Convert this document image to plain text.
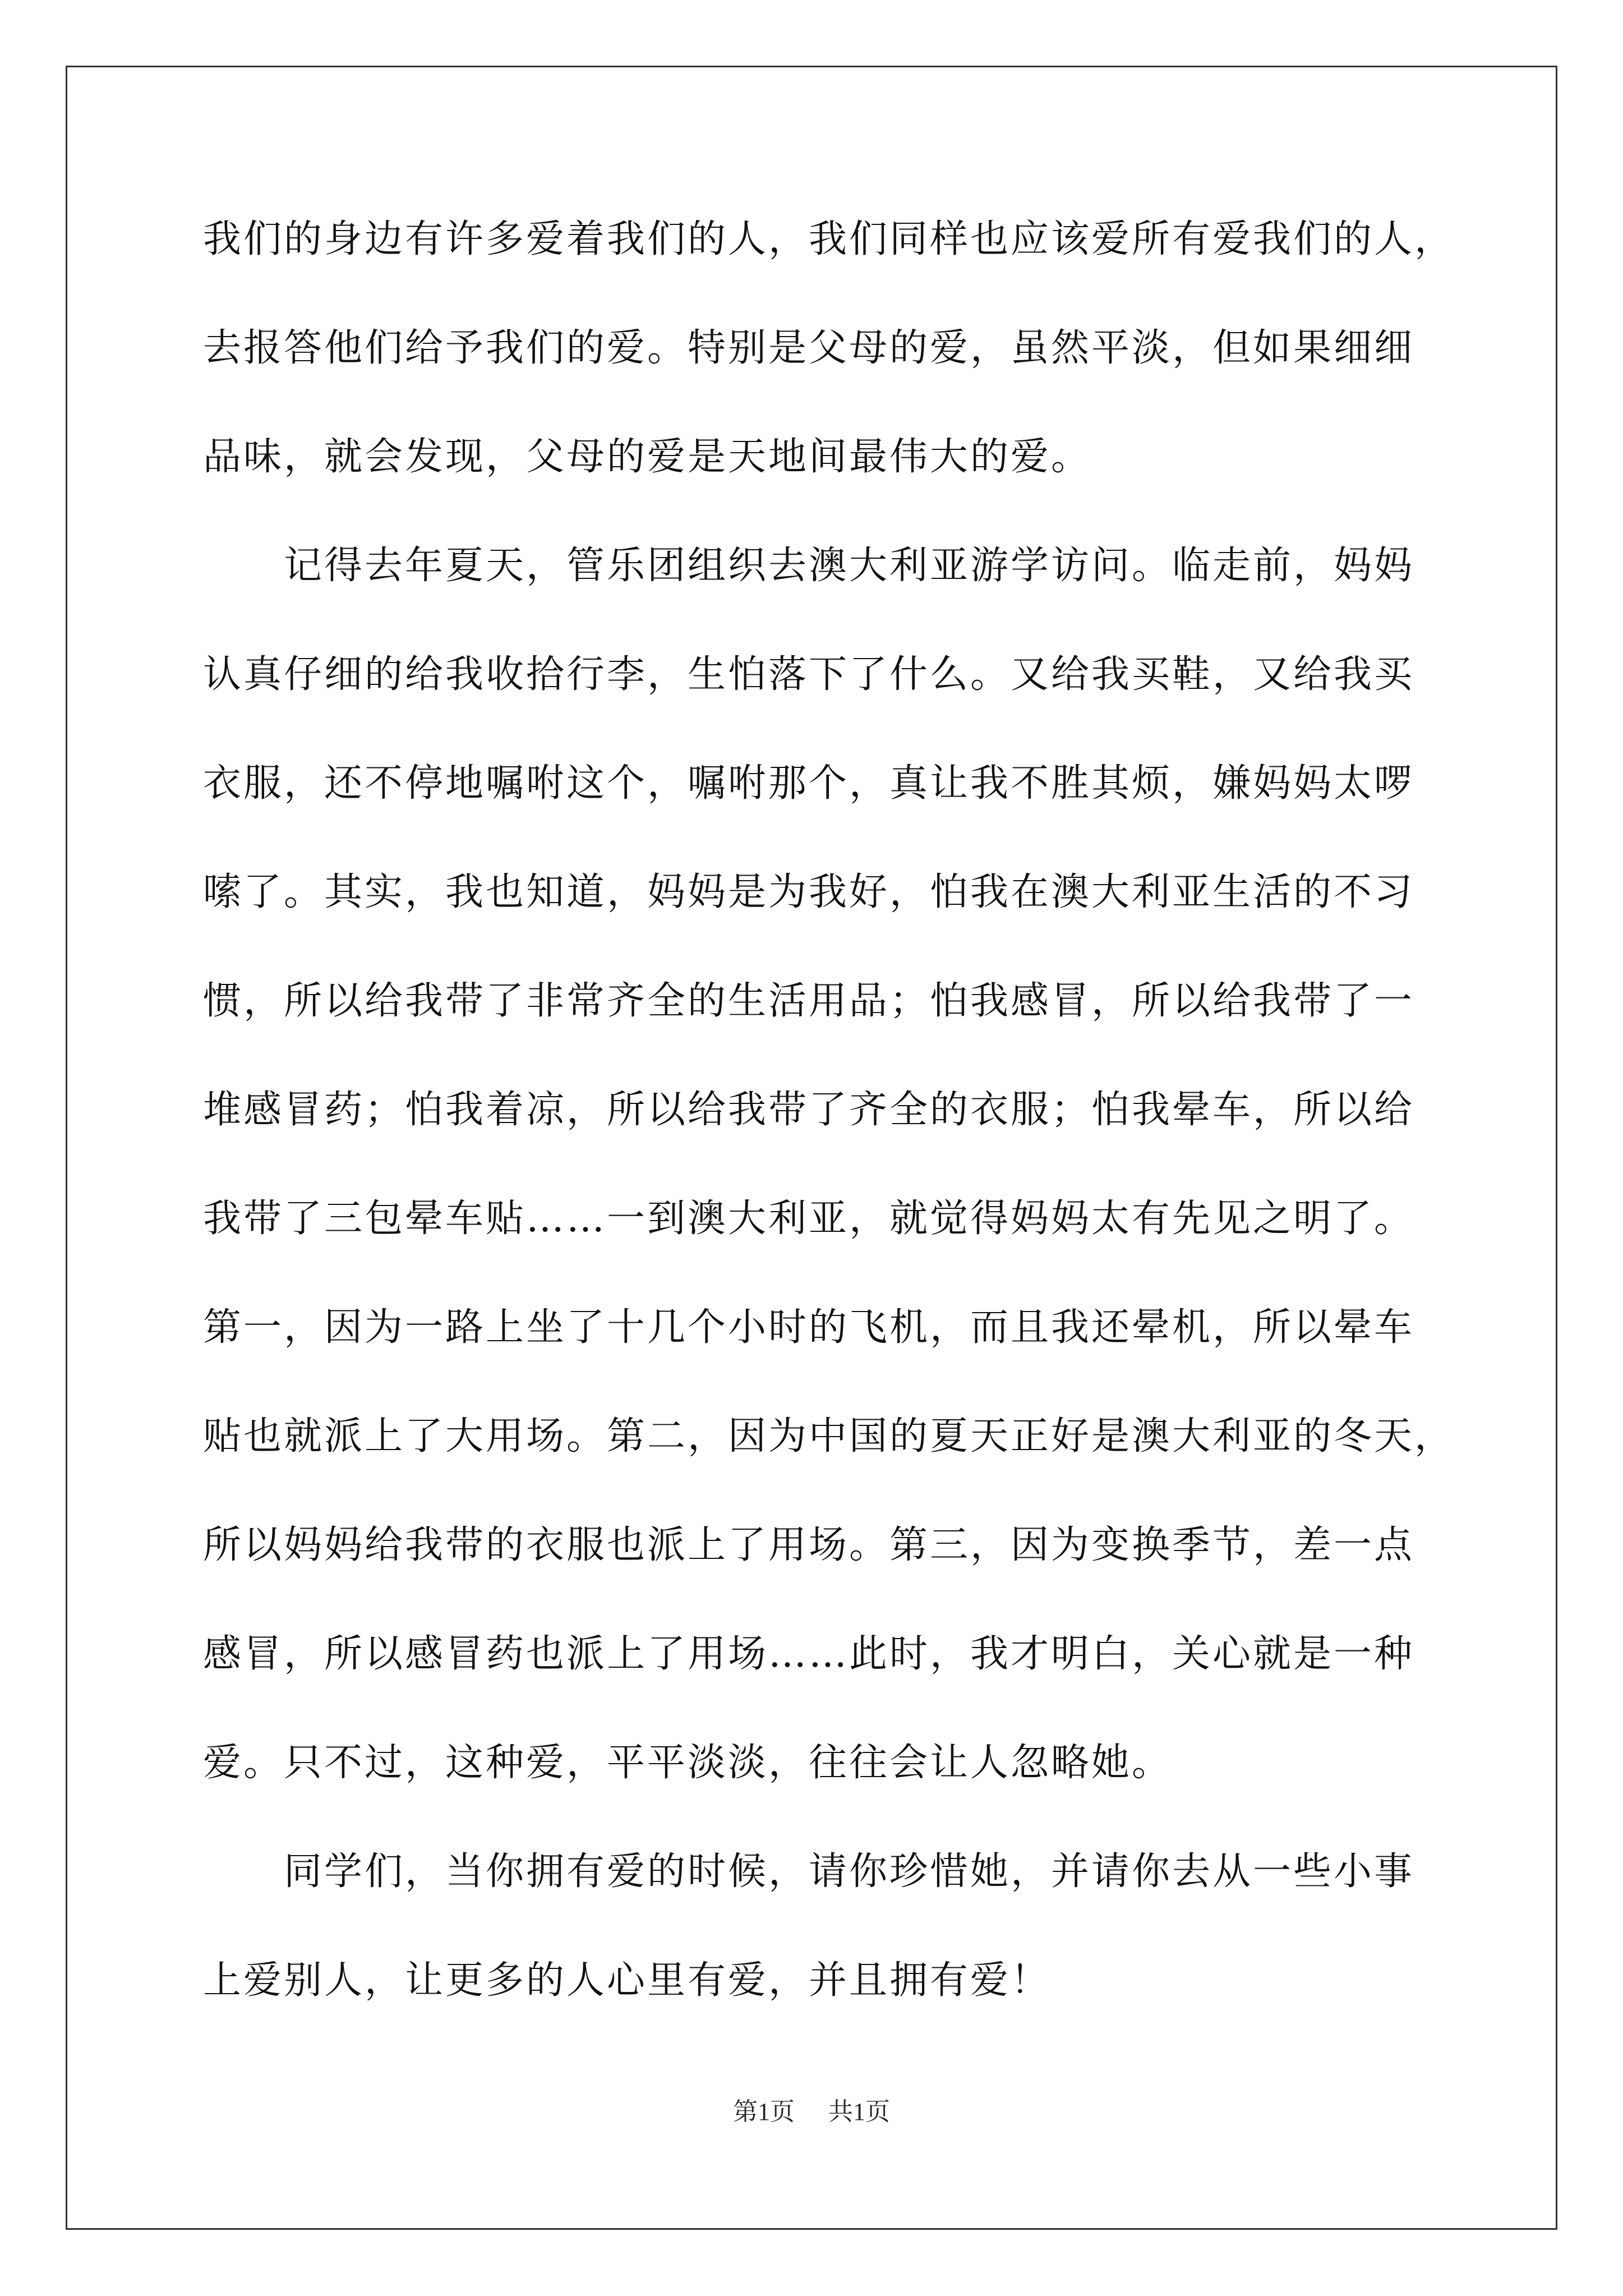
我们的身边有许多爱着我们的人，我们同样也应该爱所有爱我们的人，
去报答他们给予我们的爱。特别是父母的爱，虽然平淡，但如果细细
品味，就会发现，父母的爱是天地间最伟大的爱。
　　记得去年夏天，管乐团组织去澳大利亚游学访问。临走前，妈妈
认真仔细的给我收拾行李，生怕落下了什么。又给我买鞋，又给我买
衣服，还不停地嘱咐这个，嘱咐那个，真让我不胜其烦，嫌妈妈太啰
嗦了。其实，我也知道，妈妈是为我好，怕我在澳大利亚生活的不习
惯，所以给我带了非常齐全的生活用品；怕我感冒，所以给我带了一
堆感冒药；怕我着凉，所以给我带了齐全的衣服；怕我晕车，所以给
我带了三包晕车贴……一到澳大利亚，就觉得妈妈太有先见之明了。
第一，因为一路上坐了十几个小时的飞机，而且我还晕机，所以晕车
贴也就派上了大用场。第二，因为中国的夏天正好是澳大利亚的冬天，
所以妈妈给我带的衣服也派上了用场。第三，因为变换季节，差一点
感冒，所以感冒药也派上了用场……此时，我才明白，关心就是一种
爱。只不过，这种爱，平平淡淡，往往会让人忽略她。
　　同学们，当你拥有爱的时候，请你珍惜她，并请你去从一些小事
上爱别人，让更多的人心里有爱，并且拥有爱！
第1页 共1页
